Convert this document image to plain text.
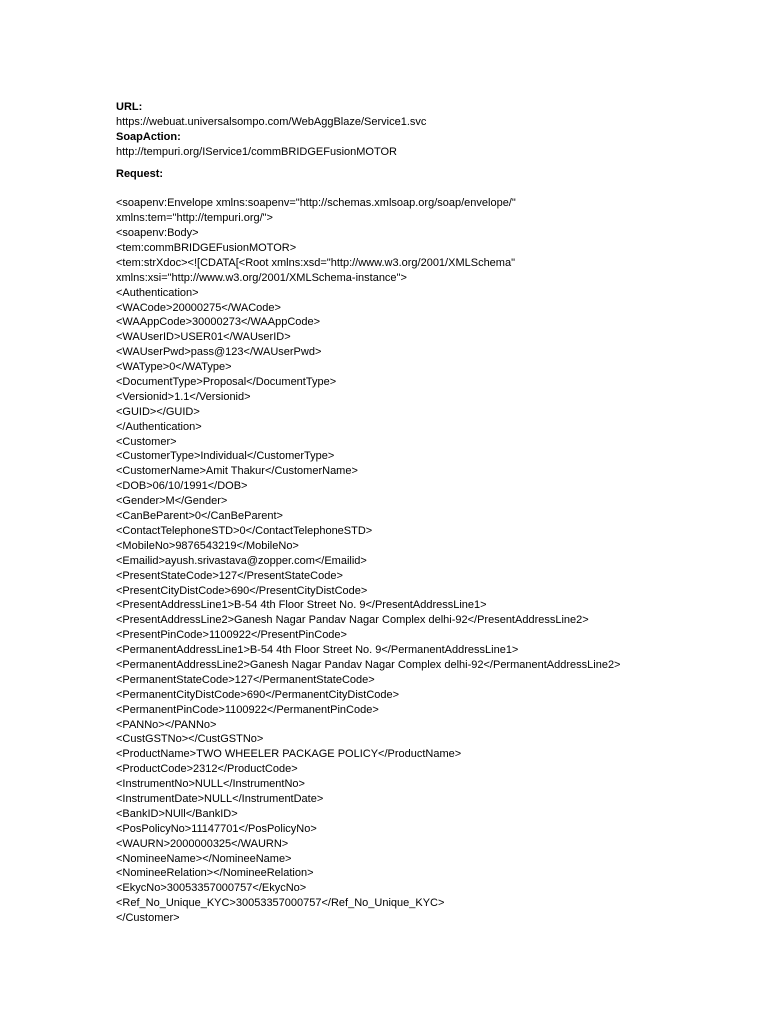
URL:
https://webuat.universalsompo.com/WebAggBlaze/Service1.svc
SoapAction:
http://tempuri.org/IService1/commBRIDGEFusionMOTOR
Request:
<soapenv:Envelope xmlns:soapenv="http://schemas.xmlsoap.org/soap/envelope/"
xmlns:tem="http://tempuri.org/">
<soapenv:Body>
<tem:commBRIDGEFusionMOTOR>
<tem:strXdoc><![CDATA[<Root xmlns:xsd="http://www.w3.org/2001/XMLSchema"
xmlns:xsi="http://www.w3.org/2001/XMLSchema-instance">
<Authentication>
<WACode>20000275</WACode>
<WAAppCode>30000273</WAAppCode>
<WAUserID>USER01</WAUserID>
<WAUserPwd>pass@123</WAUserPwd>
<WAType>0</WAType>
<DocumentType>Proposal</DocumentType>
<Versionid>1.1</Versionid>
<GUID></GUID>
</Authentication>
<Customer>
<CustomerType>Individual</CustomerType>
<CustomerName>Amit Thakur</CustomerName>
<DOB>06/10/1991</DOB>
<Gender>M</Gender>
<CanBeParent>0</CanBeParent>
<ContactTelephoneSTD>0</ContactTelephoneSTD>
<MobileNo>9876543219</MobileNo>
<Emailid>ayush.srivastava@zopper.com</Emailid>
<PresentStateCode>127</PresentStateCode>
<PresentCityDistCode>690</PresentCityDistCode>
<PresentAddressLine1>B-54 4th Floor Street No. 9</PresentAddressLine1>
<PresentAddressLine2>Ganesh Nagar Pandav Nagar Complex delhi-92</PresentAddressLine2>
<PresentPinCode>1100922</PresentPinCode>
<PermanentAddressLine1>B-54 4th Floor Street No. 9</PermanentAddressLine1>
<PermanentAddressLine2>Ganesh Nagar Pandav Nagar Complex delhi-92</PermanentAddressLine2>
<PermanentStateCode>127</PermanentStateCode>
<PermanentCityDistCode>690</PermanentCityDistCode>
<PermanentPinCode>1100922</PermanentPinCode>
<PANNo></PANNo>
<CustGSTNo></CustGSTNo>
<ProductName>TWO WHEELER PACKAGE POLICY</ProductName>
<ProductCode>2312</ProductCode>
<InstrumentNo>NULL</InstrumentNo>
<InstrumentDate>NULL</InstrumentDate>
<BankID>NUll</BankID>
<PosPolicyNo>11147701</PosPolicyNo>
<WAURN>2000000325</WAURN>
<NomineeName></NomineeName>
<NomineeRelation></NomineeRelation>
<EkycNo>30053357000757</EkycNo>
<Ref_No_Unique_KYC>30053357000757</Ref_No_Unique_KYC>
</Customer>
